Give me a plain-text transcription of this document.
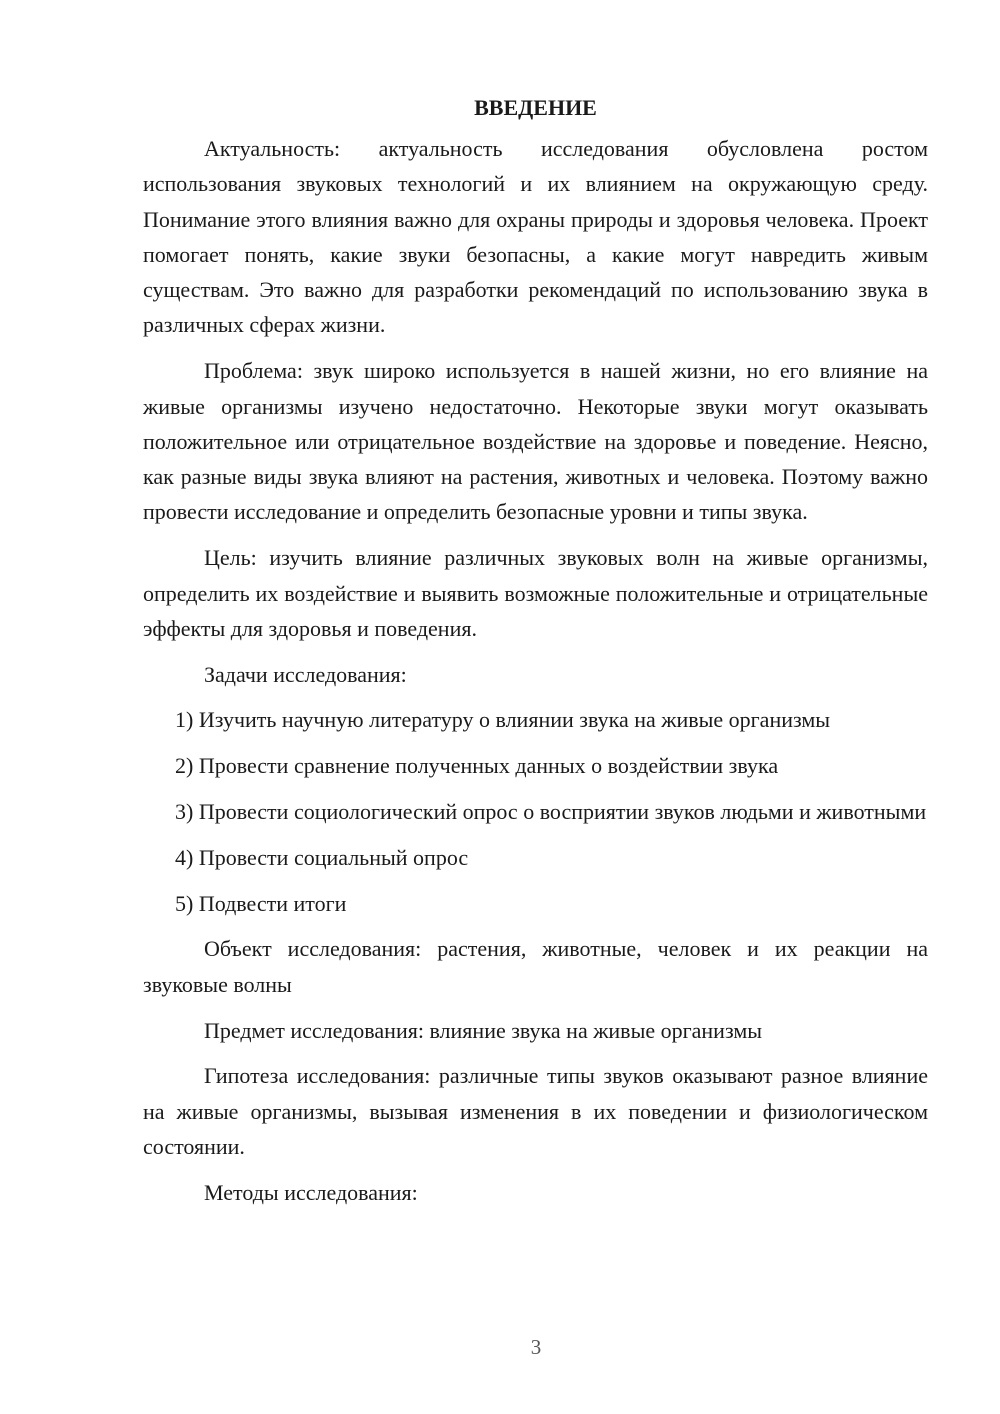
ВВЕДЕНИЕ

Актуальность: актуальность исследования обусловлена ростом использования звуковых технологий и их влиянием на окружающую среду. Понимание этого влияния важно для охраны природы и здоровья человека. Проект помогает понять, какие звуки безопасны, а какие могут навредить живым существам. Это важно для разработки рекомендаций по использованию звука в различных сферах жизни.

Проблема: звук широко используется в нашей жизни, но его влияние на живые организмы изучено недостаточно. Некоторые звуки могут оказывать положительное или отрицательное воздействие на здоровье и поведение. Неясно, как разные виды звука влияют на растения, животных и человека. Поэтому важно провести исследование и определить безопасные уровни и типы звука.

Цель: изучить влияние различных звуковых волн на живые организмы, определить их воздействие и выявить возможные положительные и отрицательные эффекты для здоровья и поведения.

Задачи исследования:

1) Изучить научную литературу о влиянии звука на живые организмы

2) Провести сравнение полученных данных о воздействии звука

3) Провести социологический опрос о восприятии звуков людьми и животными

4) Провести социальный опрос

5) Подвести итоги

Объект исследования: растения, животные, человек и их реакции на звуковые волны

Предмет исследования: влияние звука на живые организмы

Гипотеза исследования: различные типы звуков оказывают разное влияние на живые организмы, вызывая изменения в их поведении и физиологическом состоянии.

Методы исследования:

3
